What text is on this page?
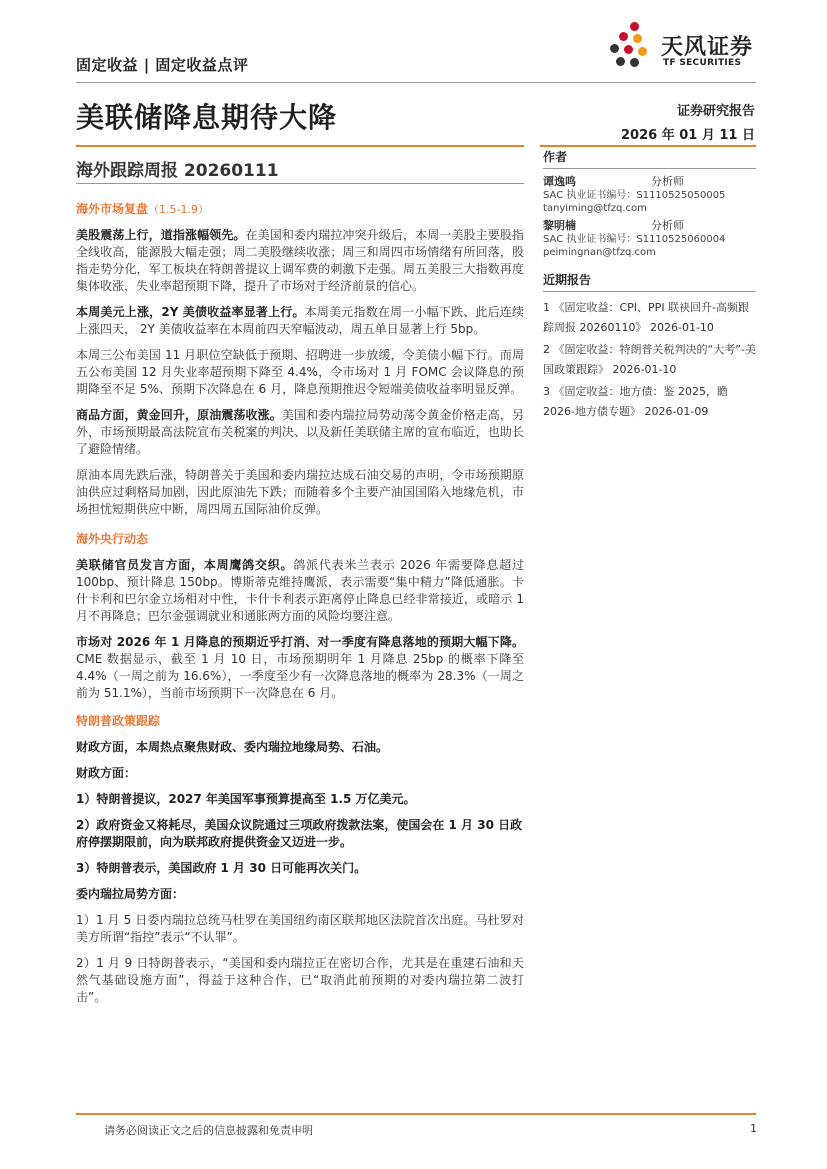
固定收益 | 固定收益点评
天风证券
TF SECURITIES
美联储降息期待大降	证券研究报告
2026 年 01 月 11 日
海外跟踪周报 20260111
海外市场复盘（1.5-1.9）

美股震荡上行，道指涨幅领先。在美国和委内瑞拉冲突升级后，本周一美股主要股指全线收高，能源股大幅走强；周二美股继续收涨；周三和周四市场情绪有所回落，股指走势分化，军工板块在特朗普提议上调军费的刺激下走强。周五美股三大指数再度集体收涨，失业率超预期下降，提升了市场对于经济前景的信心。

本周美元上涨，2Y 美债收益率显著上行。本周美元指数在周一小幅下跌、此后连续上涨四天， 2Y 美债收益率在本周前四天窄幅波动，周五单日显著上行 5bp。

本周三公布美国 11 月职位空缺低于预期、招聘进一步放缓，令美债小幅下行。而周五公布美国 12 月失业率超预期下降至 4.4%，令市场对 1 月 FOMC 会议降息的预期降至不足 5%、预期下次降息在 6 月，降息预期推迟令短端美债收益率明显反弹。

商品方面，黄金回升，原油震荡收涨。美国和委内瑞拉局势动荡令黄金价格走高，另外，市场预期最高法院宣布关税案的判决、以及新任美联储主席的宣布临近，也助长了避险情绪。

原油本周先跌后涨，特朗普关于美国和委内瑞拉达成石油交易的声明，令市场预期原油供应过剩格局加剧，因此原油先下跌；而随着多个主要产油国国陷入地缘危机，市场担忧短期供应中断，周四周五国际油价反弹。

海外央行动态

美联储官员发言方面，本周鹰鸽交织。鸽派代表米兰表示 2026 年需要降息超过 100bp、预计降息 150bp。博斯蒂克维持鹰派，表示需要“集中精力”降低通胀。卡什卡利和巴尔金立场相对中性，卡什卡利表示距离停止降息已经非常接近，或暗示 1 月不再降息；巴尔金强调就业和通胀两方面的风险均要注意。

市场对 2026 年 1 月降息的预期近乎打消、对一季度有降息落地的预期大幅下降。CME 数据显示，截至 1 月 10 日，市场预期明年 1 月降息 25bp 的概率下降至 4.4%（一周之前为 16.6%），一季度至少有一次降息落地的概率为 28.3%（一周之前为 51.1%），当前市场预期下一次降息在 6 月。

特朗普政策跟踪

财政方面，本周热点聚焦财政、委内瑞拉地缘局势、石油。

财政方面：

1）特朗普提议，2027 年美国军事预算提高至 1.5 万亿美元。

2）政府资金又将耗尽，美国众议院通过三项政府拨款法案，使国会在 1 月 30 日政府停摆期限前，向为联邦政府提供资金又迈进一步。

3）特朗普表示，美国政府 1 月 30 日可能再次关门。

委内瑞拉局势方面：

1）1 月 5 日委内瑞拉总统马杜罗在美国纽约南区联邦地区法院首次出庭。马杜罗对美方所谓“指控”表示“不认罪”。

2）1 月 9 日特朗普表示，“美国和委内瑞拉正在密切合作，尤其是在重建石油和天然气基础设施方面”，得益于这种合作，已“取消此前预期的对委内瑞拉第二波打击”。

作者
谭逸鸣	分析师
SAC 执业证书编号：S1110525050005
tanyiming@tfzq.com
黎明楠	分析师
SAC 执业证书编号：S1110525060004
peimingnan@tfzq.com
近期报告

1 《固定收益：CPI、PPI 联袂回升-高频跟踪周报 20260110》 2026-01-10

2 《固定收益：特朗普关税判决的“大考”-美国政策跟踪》 2026-01-10

3 《固定收益：地方债：鉴 2025，瞻 2026-地方债专题》 2026-01-09

请务必阅读正文之后的信息披露和免责申明	1
